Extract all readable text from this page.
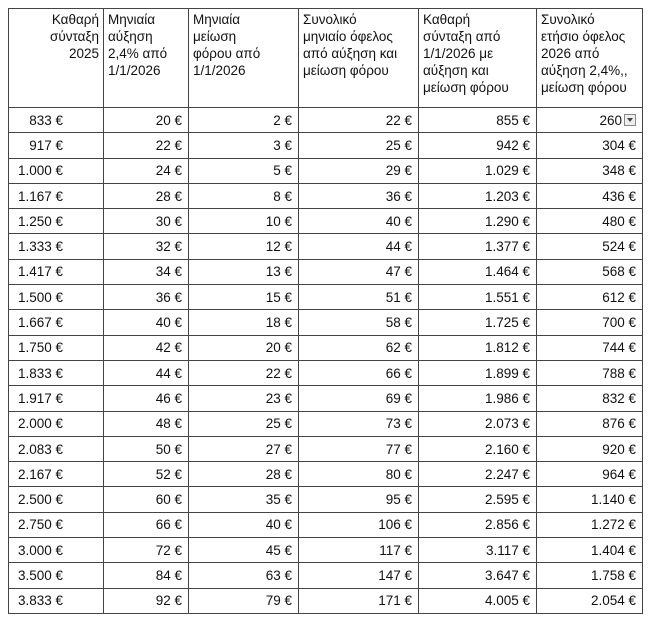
Καθαρή
σύνταξη
2025	Μηνιαία
αύξηση
2,4% από
1/1/2026	Μηνιαία
μείωση
φόρου από
1/1/2026	Συνολικό
μηνιαίο όφελος
από αύξηση και
μείωση φόρου	Καθαρή
σύνταξη από
1/1/2026 με
αύξηση και
μείωση φόρου	Συνολικό
ετήσιο όφελος
2026 από
αύξηση 2,4%,,
μείωση φόρου
833 €	20 €	2 €	22 €	855 €	260
917 €	22 €	3 €	25 €	942 €	304 €
1.000 €	24 €	5 €	29 €	1.029 €	348 €
1.167 €	28 €	8 €	36 €	1.203 €	436 €
1.250 €	30 €	10 €	40 €	1.290 €	480 €
1.333 €	32 €	12 €	44 €	1.377 €	524 €
1.417 €	34 €	13 €	47 €	1.464 €	568 €
1.500 €	36 €	15 €	51 €	1.551 €	612 €
1.667 €	40 €	18 €	58 €	1.725 €	700 €
1.750 €	42 €	20 €	62 €	1.812 €	744 €
1.833 €	44 €	22 €	66 €	1.899 €	788 €
1.917 €	46 €	23 €	69 €	1.986 €	832 €
2.000 €	48 €	25 €	73 €	2.073 €	876 €
2.083 €	50 €	27 €	77 €	2.160 €	920 €
2.167 €	52 €	28 €	80 €	2.247 €	964 €
2.500 €	60 €	35 €	95 €	2.595 €	1.140 €
2.750 €	66 €	40 €	106 €	2.856 €	1.272 €
3.000 €	72 €	45 €	117 €	3.117 €	1.404 €
3.500 €	84 €	63 €	147 €	3.647 €	1.758 €
3.833 €	92 €	79 €	171 €	4.005 €	2.054 €
